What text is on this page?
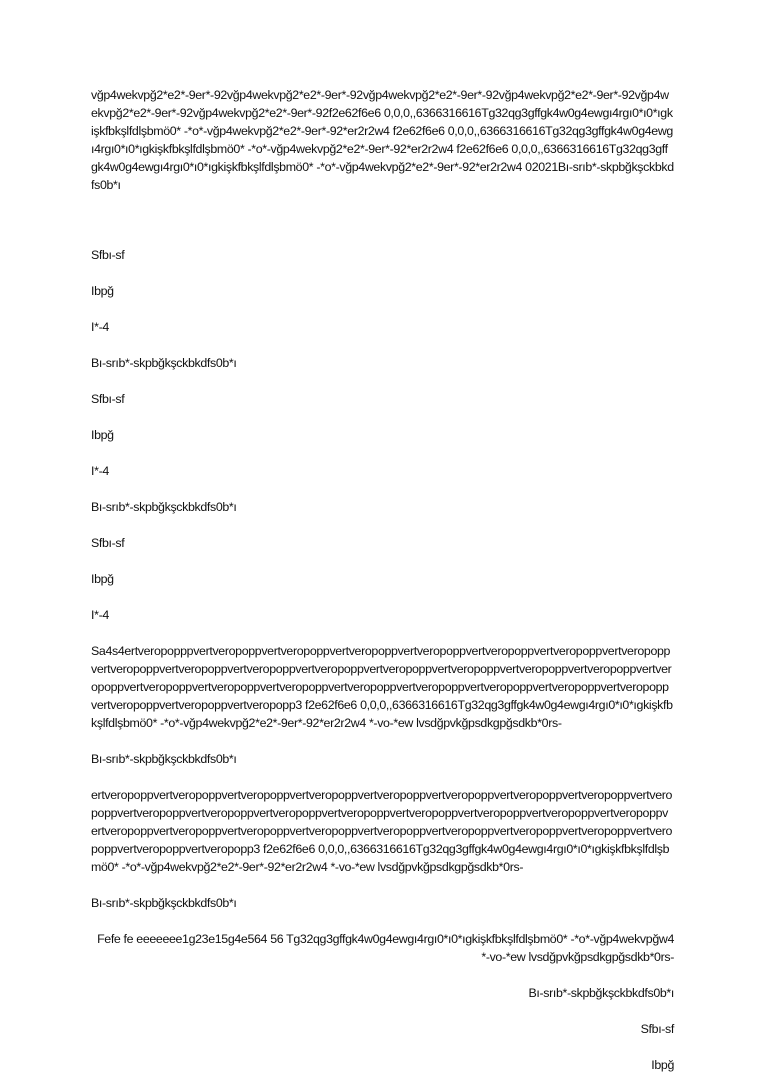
vğp4wekvpğ2*e2*-9er*-92vğp4wekvpğ2*e2*-9er*-92vğp4wekvpğ2*e2*-9er*-92vğp4wekvpğ2*e2*-9er*-92vğp4wekvpğ2*e2*-9er*-92vğp4wekvpğ2*e2*-9er*-92f2e62f6e6 0,0,0,,6366316616Tg32qg3gffgk4w0g4ewgı4rgı0*ı0*ıgkişkfbkşlfdlşbmö0* -*o*-vğp4wekvpğ2*e2*-9er*-92*er2r2w4 f2e62f6e6 0,0,0,,6366316616Tg32qg3gffgk4w0g4ewgı4rgı0*ı0*ıgkişkfbkşlfdlşbmö0* -*o*-vğp4wekvpğ2*e2*-9er*-92*er2r2w4 f2e62f6e6 0,0,0,,6366316616Tg32qg3gffgk4w0g4ewgı4rgı0*ı0*ıgkişkfbkşlfdlşbmö0* -*o*-vğp4wekvpğ2*e2*-9er*-92*er2r2w4 02021Bı-srıb*-skpbğkşckbkdfs0b*ı

Sfbı-sf

Ibpğ

I*-4

Bı-srıb*-skpbğkşckbkdfs0b*ı

Sfbı-sf

Ibpğ

I*-4

Bı-srıb*-skpbğkşckbkdfs0b*ı

Sfbı-sf

Ibpğ

I*-4

Sa4s4ertveropopppvertveropoppvertveropoppvertveropoppvertveropoppvertveropoppvertveropoppvertveropoppvertveropoppvertveropoppvertveropoppvertveropoppvertveropoppvertveropoppvertveropoppvertveropoppvertveropoppvertveropoppvertveropoppvertveropoppvertveropoppvertveropoppvertveropoppvertveropoppvertveropoppvertveropoppvertveropoppvertveropopp3 f2e62f6e6 0,0,0,,6366316616Tg32qg3gffgk4w0g4ewgı4rgı0*ı0*ıgkişkfbkşlfdlşbmö0* -*o*-vğp4wekvpğ2*e2*-9er*-92*er2r2w4 *-vo-*ew lvsdğpvkğpsdkgpğsdkb*0rs-

Bı-srıb*-skpbğkşckbkdfs0b*ı

ertveropoppvertveropoppvertveropoppvertveropoppvertveropoppvertveropoppvertveropoppvertveropoppvertveropoppvertveropoppvertveropoppvertveropoppvertveropoppvertveropoppvertveropoppvertveropoppvertveropoppvertveropoppvertveropoppvertveropoppvertveropoppvertveropoppvertveropoppvertveropoppvertveropoppvertveropoppvertveropoppvertveropopp3 f2e62f6e6 0,0,0,,6366316616Tg32qg3gffgk4w0g4ewgı4rgı0*ı0*ıgkişkfbkşlfdlşbmö0* -*o*-vğp4wekvpğ2*e2*-9er*-92*er2r2w4 *-vo-*ew lvsdğpvkğpsdkgpğsdkb*0rs-

Bı-srıb*-skpbğkşckbkdfs0b*ı

Fefe fe eeeeeee1g23e15g4e564 56 Tg32qg3gffgk4w0g4ewgı4rgı0*ı0*ıgkişkfbkşlfdlşbmö0* -*o*-vğp4wekvpğw4 *-vo-*ew lvsdğpvkğpsdkgpğsdkb*0rs-

Bı-srıb*-skpbğkşckbkdfs0b*ı

Sfbı-sf

Ibpğ
